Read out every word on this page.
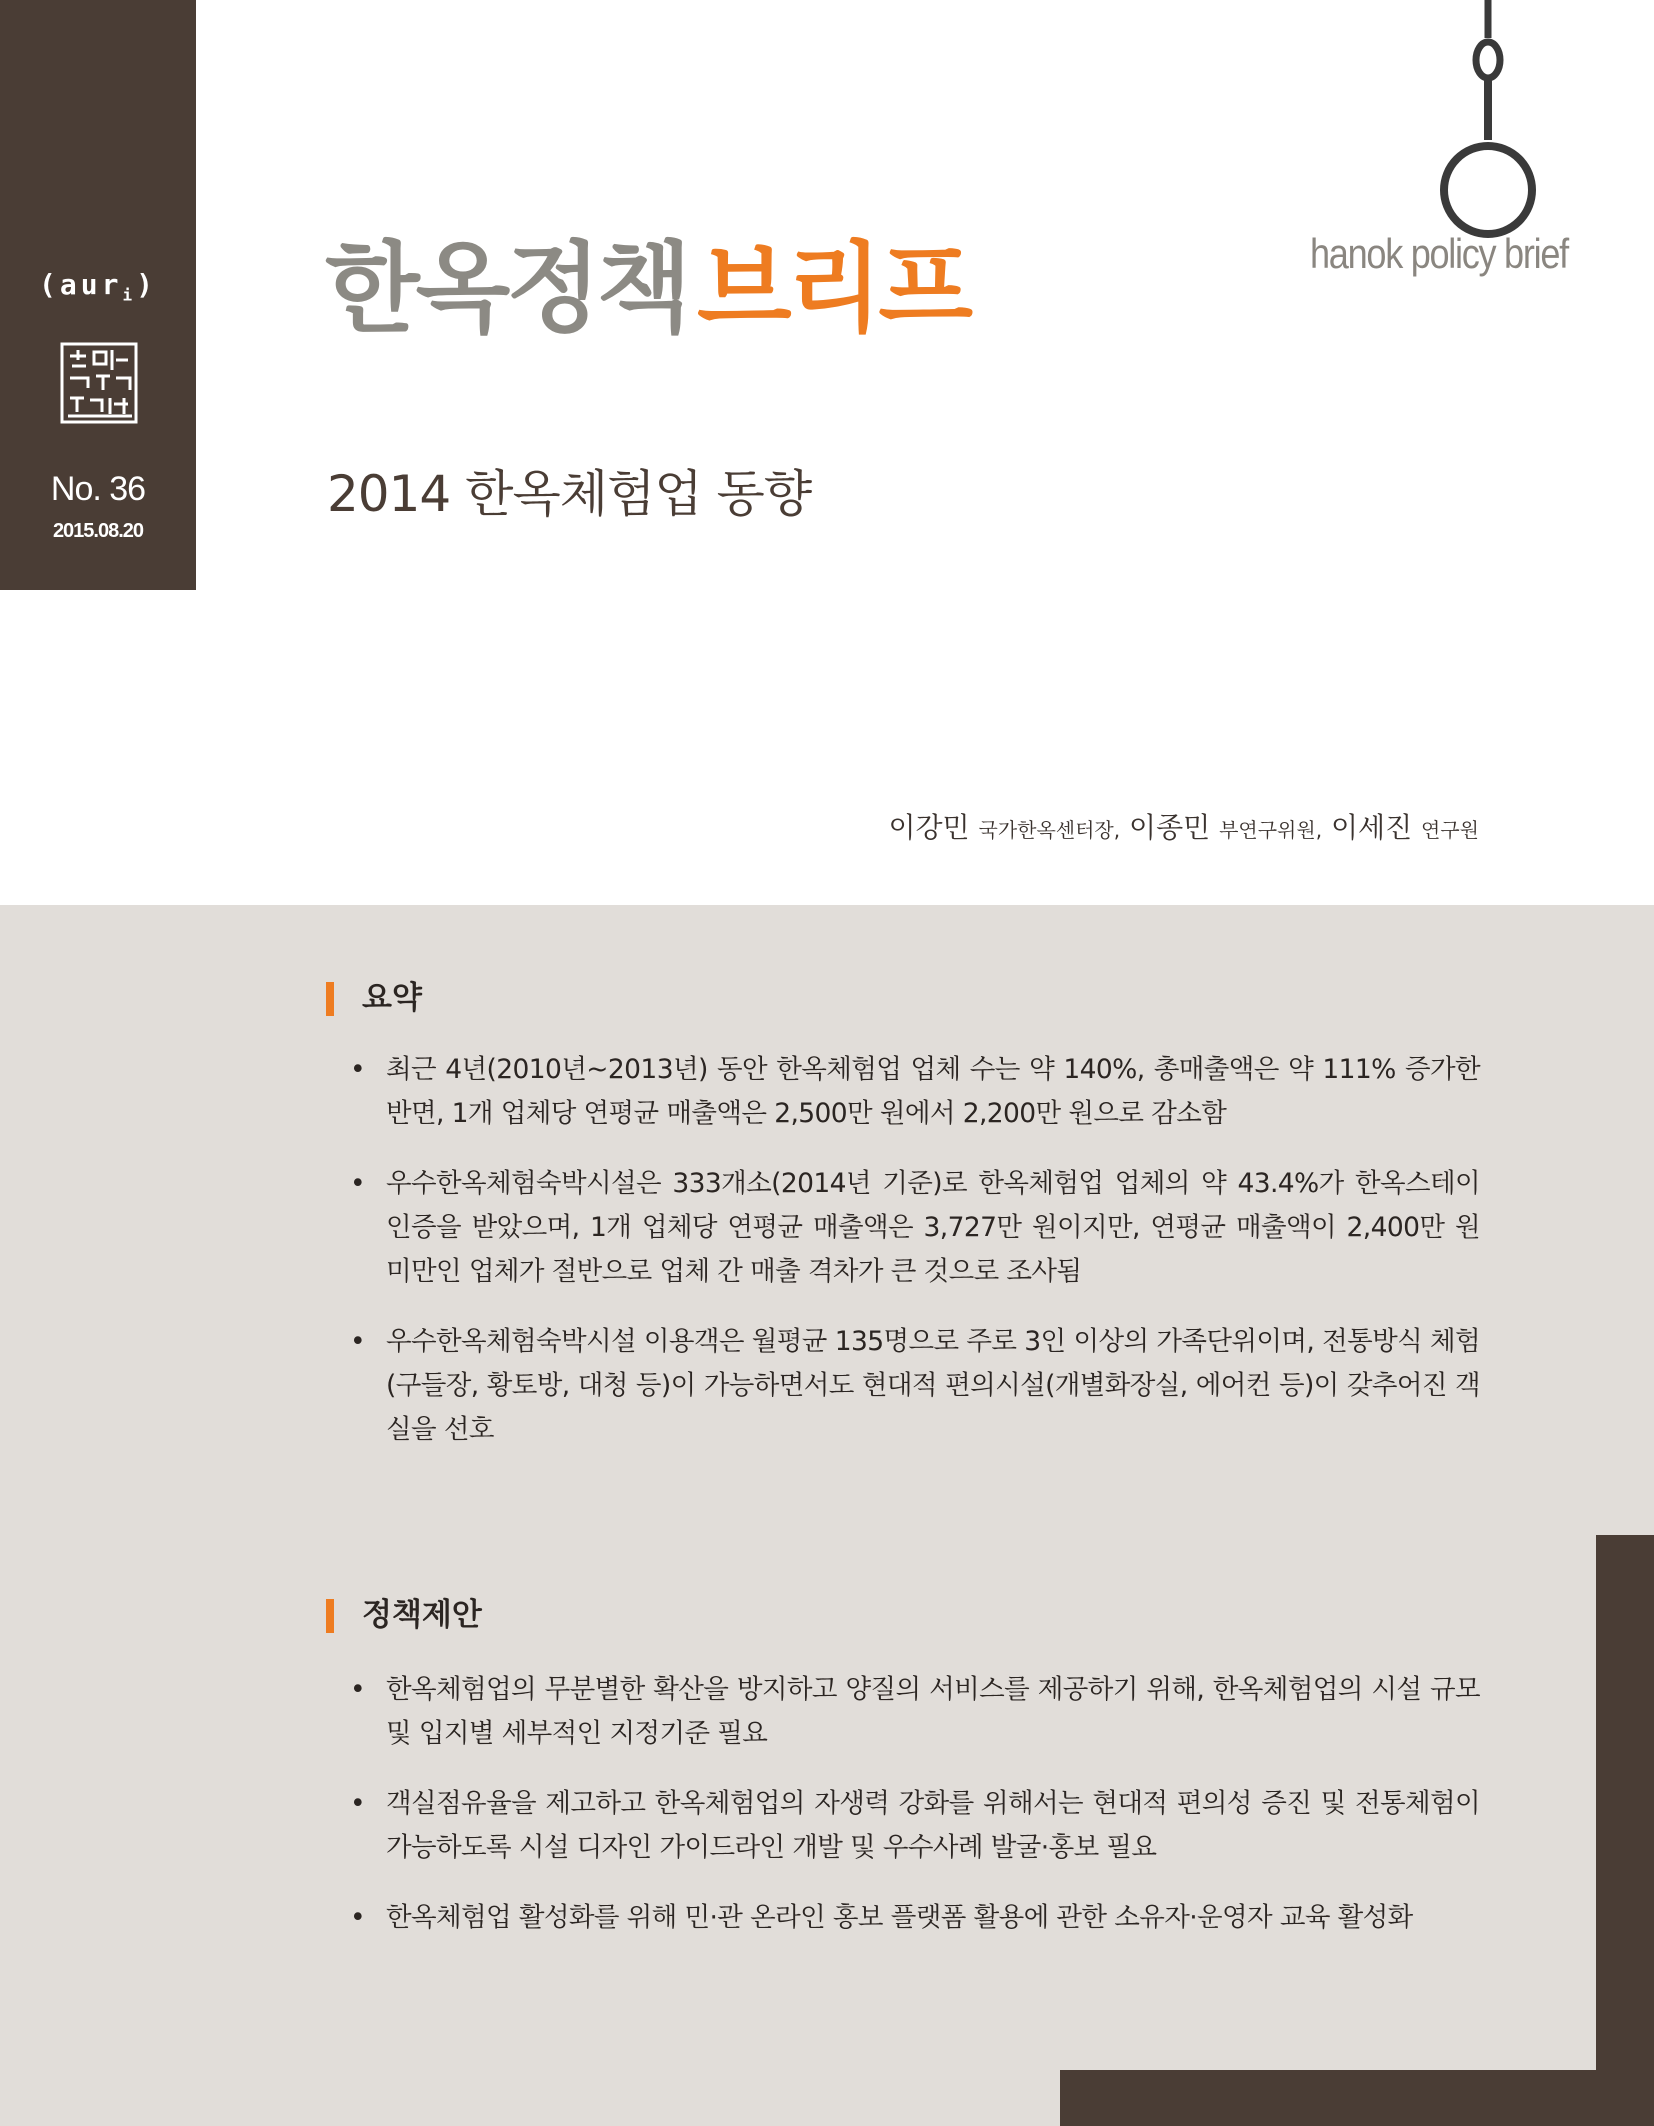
(aur$_i$)
No. 36
2015.08.20
한옥정책 브리프	hanok policy brief
2014 한옥체험업 동향
이강민 국가한옥센터장, 이종민 부연구위원, 이세진 연구원
요약
• 최근 4년(2010년~2013년) 동안 한옥체험업 업체 수는 약 140%, 총매출액은 약 111% 증가한 반면, 1개 업체당 연평균 매출액은 2,500만 원에서 2,200만 원으로 감소함
• 우수한옥체험숙박시설은 333개소(2014년 기준)로 한옥체험업 업체의 약 43.4%가 한옥스테이 인증을 받았으며, 1개 업체당 연평균 매출액은 3,727만 원이지만, 연평균 매출액이 2,400만 원 미만인 업체가 절반으로 업체 간 매출 격차가 큰 것으로 조사됨
• 우수한옥체험숙박시설 이용객은 월평균 135명으로 주로 3인 이상의 가족단위이며, 전통방식 체험(구들장, 황토방, 대청 등)이 가능하면서도 현대적 편의시설(개별화장실, 에어컨 등)이 갖추어진 객실을 선호
정책제안
• 한옥체험업의 무분별한 확산을 방지하고 양질의 서비스를 제공하기 위해, 한옥체험업의 시설 규모 및 입지별 세부적인 지정기준 필요
• 객실점유율을 제고하고 한옥체험업의 자생력 강화를 위해서는 현대적 편의성 증진 및 전통체험이 가능하도록 시설 디자인 가이드라인 개발 및 우수사례 발굴·홍보 필요
• 한옥체험업 활성화를 위해 민·관 온라인 홍보 플랫폼 활용에 관한 소유자·운영자 교육 활성화
